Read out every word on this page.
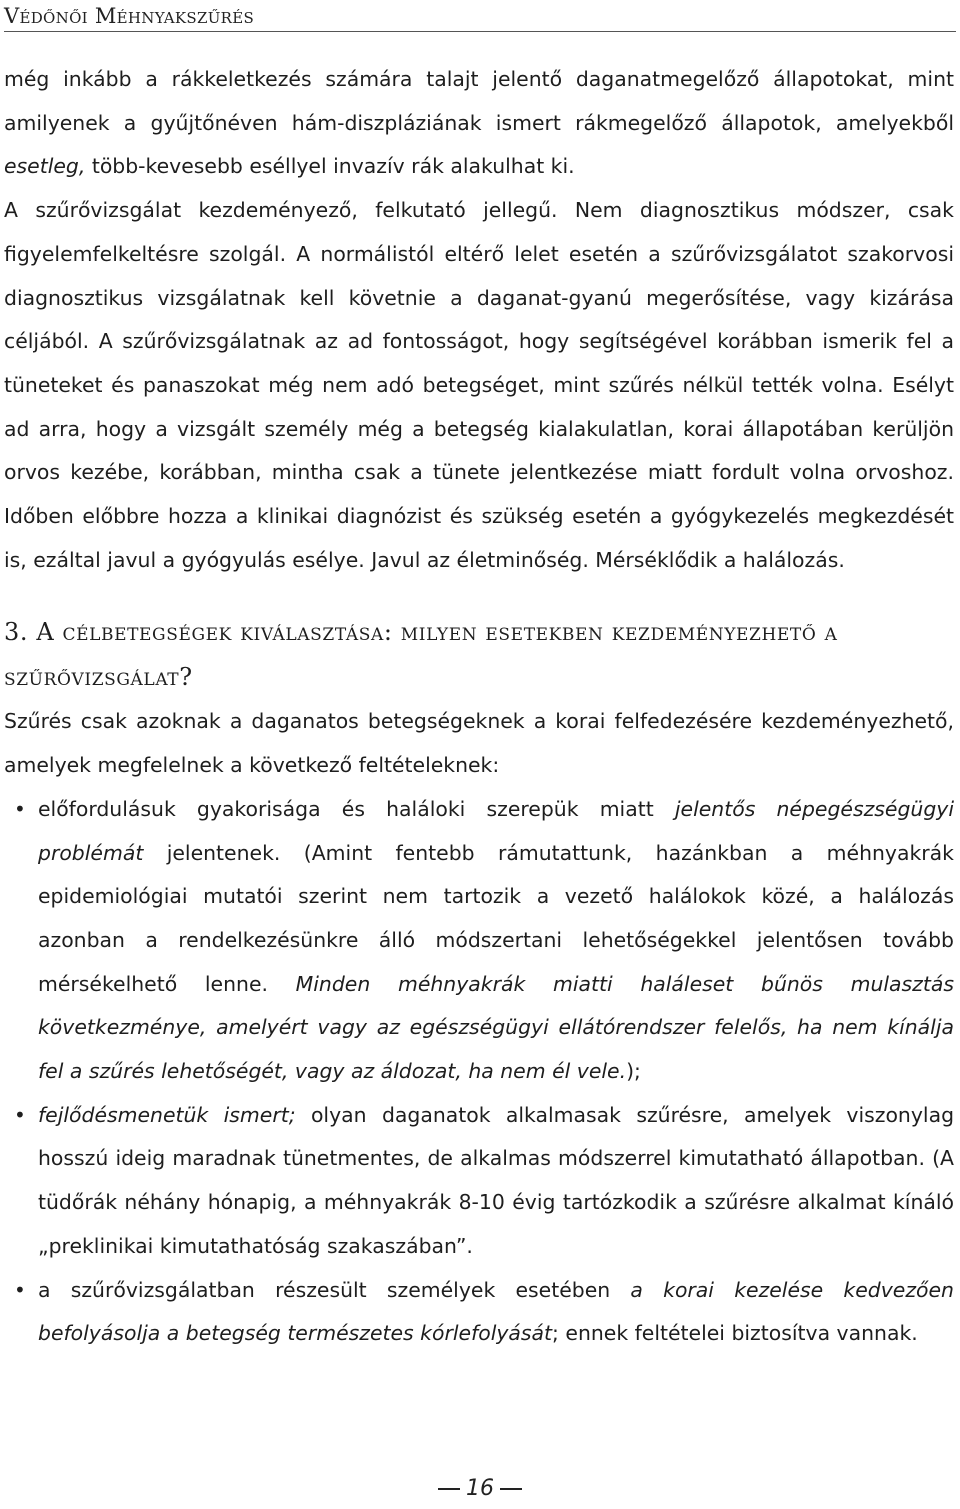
Védőnői Méhnyakszűrés

még inkább a rákkeletkezés számára talajt jelentő daganatmegelőző állapotokat, mint amilyenek a gyűjtőnéven hám-diszpláziának ismert rákmegelőző állapotok, amelyekből esetleg, több-kevesebb eséllyel invazív rák alakulhat ki.
A szűrővizsgálat kezdeményező, felkutató jellegű. Nem diagnosztikus módszer, csak figyelemfelkeltésre szolgál. A normálistól eltérő lelet esetén a szűrővizsgálatot szakorvosi diagnosztikus vizsgálatnak kell követnie a daganat-gyanú megerősítése, vagy kizárása céljából. A szűrővizsgálatnak az ad fontosságot, hogy segítségével korábban ismerik fel a tüneteket és panaszokat még nem adó betegséget, mint szűrés nélkül tették volna. Esélyt ad arra, hogy a vizsgált személy még a betegség kialakulatlan, korai állapotában kerüljön orvos kezébe, korábban, mintha csak a tünete jelentkezése miatt fordult volna orvoshoz. Időben előbbre hozza a klinikai diagnózist és szükség esetén a gyógykezelés megkezdését is, ezáltal javul a gyógyulás esélye. Javul az életminőség. Mérséklődik a halálozás.

3. A célbetegségek kiválasztása: milyen esetekben kezdeményezhető a szűrővizsgálat?

Szűrés csak azoknak a daganatos betegségeknek a korai felfedezésére kezdeményezhető, amelyek megfelelnek a következő feltételeknek:

• előfordulásuk gyakorisága és haláloki szerepük miatt jelentős népegészségügyi problémát jelentenek. (Amint fentebb rámutattunk, hazánkban a méhnyakrák epidemiológiai mutatói szerint nem tartozik a vezető halálokok közé, a halálozás azonban a rendelkezésünkre álló módszertani lehetőségekkel jelentősen tovább mérsékelhető lenne. Minden méhnyakrák miatti haláleset bűnös mulasztás következménye, amelyért vagy az egészségügyi ellátórendszer felelős, ha nem kínálja fel a szűrés lehetőségét, vagy az áldozat, ha nem él vele.);
• fejlődésmenetük ismert; olyan daganatok alkalmasak szűrésre, amelyek viszonylag hosszú ideig maradnak tünetmentes, de alkalmas módszerrel kimutatható állapotban. (A tüdőrák néhány hónapig, a méhnyakrák 8-10 évig tartózkodik a szűrésre alkalmat kínáló „preklinikai kimutathatóság szakaszában”.
• a szűrővizsgálatban részesült személyek esetében a korai kezelése kedvezően befolyásolja a betegség természetes kórlefolyását; ennek feltételei biztosítva vannak.
16
